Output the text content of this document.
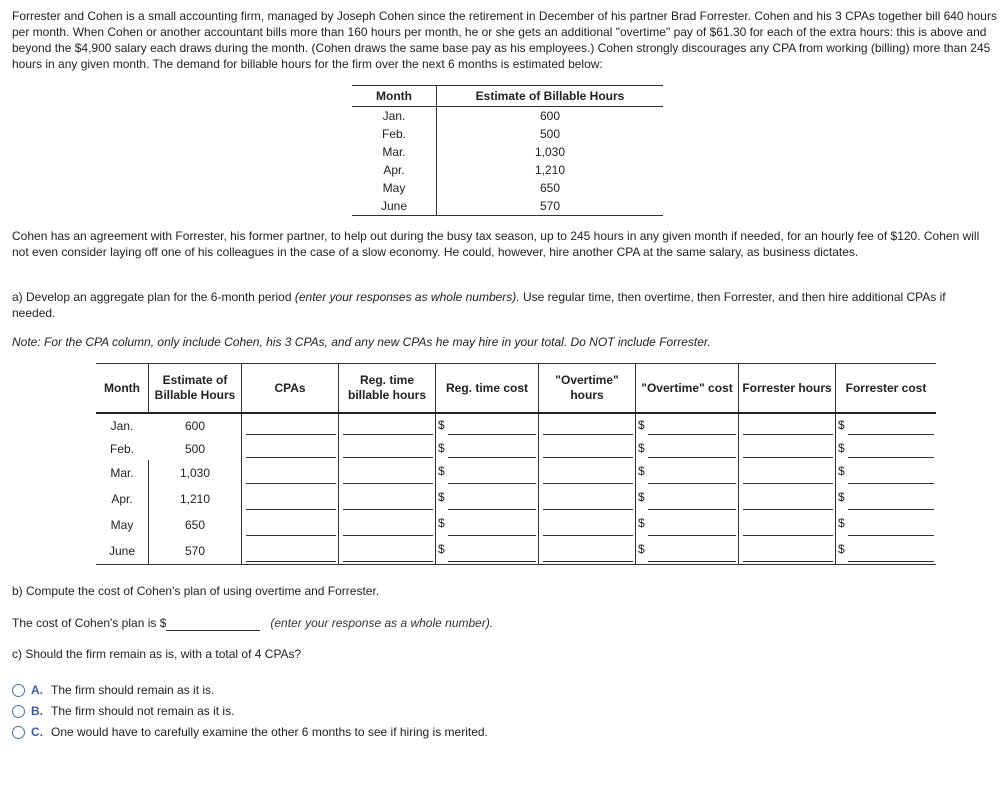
Forrester and Cohen is a small accounting firm, managed by Joseph Cohen since the retirement in December of his partner Brad Forrester. Cohen and his 3 CPAs together bill 640 hours per month. When Cohen or another accountant bills more than 160 hours per month, he or she gets an additional "overtime" pay of $61.30 for each of the extra hours: this is above and beyond the $4,900 salary each draws during the month. (Cohen draws the same base pay as his employees.) Cohen strongly discourages any CPA from working (billing) more than 245 hours in any given month. The demand for billable hours for the firm over the next 6 months is estimated below:

Month	Estimate of Billable Hours
Jan.	600
Feb.	500
Mar.	1,030
Apr.	1,210
May	650
June	570

Cohen has an agreement with Forrester, his former partner, to help out during the busy tax season, up to 245 hours in any given month if needed, for an hourly fee of $120. Cohen will not even consider laying off one of his colleagues in the case of a slow economy. He could, however, hire another CPA at the same salary, as business dictates.

a) Develop an aggregate plan for the 6-month period (enter your responses as whole numbers). Use regular time, then overtime, then Forrester, and then hire additional CPAs if needed.

Note: For the CPA column, only include Cohen, his 3 CPAs, and any new CPAs he may hire in your total. Do NOT include Forrester.

Month	Estimate of Billable Hours	CPAs	Reg. time billable hours	Reg. time cost	"Overtime" hours	"Overtime" cost	Forrester hours	Forrester cost
Jan.	600			$		$		$

Feb.	500			$		$		$

Mar.	1,030			$		$		$

Apr.	1,210			$		$		$

May	650			$		$		$

June	570			$		$		$

b) Compute the cost of Cohen's plan of using overtime and Forrester.

The cost of Cohen's plan is $	(enter your response as a whole number).

c) Should the firm remain as is, with a total of 4 CPAs?

A. The firm should remain as it is.
B. The firm should not remain as it is.
C. One would have to carefully examine the other 6 months to see if hiring is merited.
